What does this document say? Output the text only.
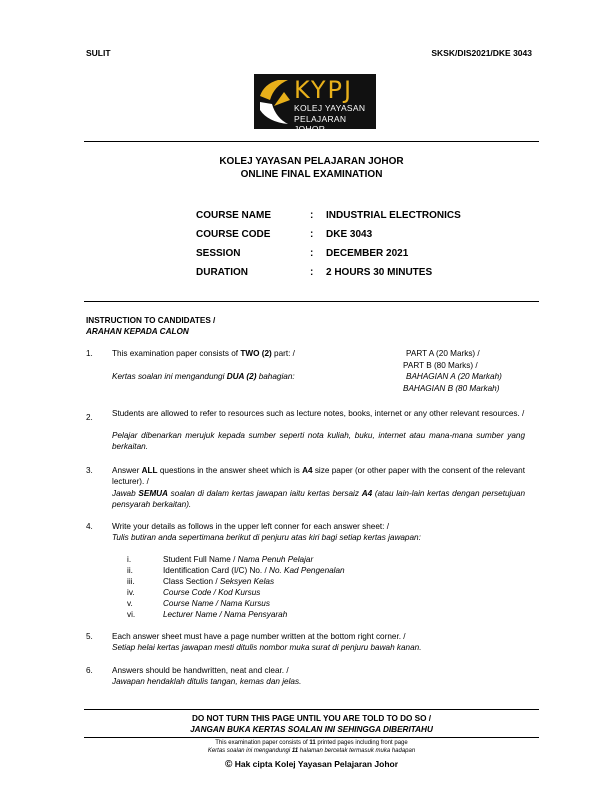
SULIT	SKSK/DIS2021/DKE 3043
KYPJ
KOLEJ YAYASAN
PELAJARAN JOHOR
KOLEJ YAYASAN PELAJARAN JOHOR
ONLINE FINAL EXAMINATION
COURSE NAME	: INDUSTRIAL ELECTRONICS
COURSE CODE	: DKE 3043
SESSION	: DECEMBER 2021
DURATION	: 2 HOURS 30 MINUTES
INSTRUCTION TO CANDIDATES /
ARAHAN KEPADA CALON
1. This examination paper consists of TWO (2) part: /
Kertas soalan ini mengandungi DUA (2) bahagian:
PART A (20 Marks) /
PART B (80 Marks) /
BAHAGIAN A (20 Markah)
BAHAGIAN B (80 Markah)
2. Students are allowed to refer to resources such as lecture notes, books, internet or any other relevant resources. /
Pelajar dibenarkan merujuk kepada sumber seperti nota kuliah, buku, internet atau mana-mana sumber yang berkaitan.
3. Answer ALL questions in the answer sheet which is A4 size paper (or other paper with the consent of the relevant lecturer). /
Jawab SEMUA soalan di dalam kertas jawapan iaitu kertas bersaiz A4 (atau lain-lain kertas dengan persetujuan pensyarah berkaitan).
4. Write your details as follows in the upper left conner for each answer sheet: /
Tulis butiran anda sepertimana berikut di penjuru atas kiri bagi setiap kertas jawapan:
i.	Student Full Name / Nama Penuh Pelajar
ii.	Identification Card (I/C) No. / No. Kad Pengenalan
iii.	Class Section / Seksyen Kelas
iv.	Course Code / Kod Kursus
v.	Course Name / Nama Kursus
vi.	Lecturer Name / Nama Pensyarah
5. Each answer sheet must have a page number written at the bottom right corner. /
Setiap helai kertas jawapan mesti ditulis nombor muka surat di penjuru bawah kanan.
6. Answers should be handwritten, neat and clear. /
Jawapan hendaklah ditulis tangan, kemas dan jelas.
DO NOT TURN THIS PAGE UNTIL YOU ARE TOLD TO DO SO /
JANGAN BUKA KERTAS SOALAN INI SEHINGGA DIBERITAHU
This examination paper consists of 11 printed pages including front page
Kertas soalan ini mengandungi 11 halaman bercetak termasuk muka hadapan
© Hak cipta Kolej Yayasan Pelajaran Johor
